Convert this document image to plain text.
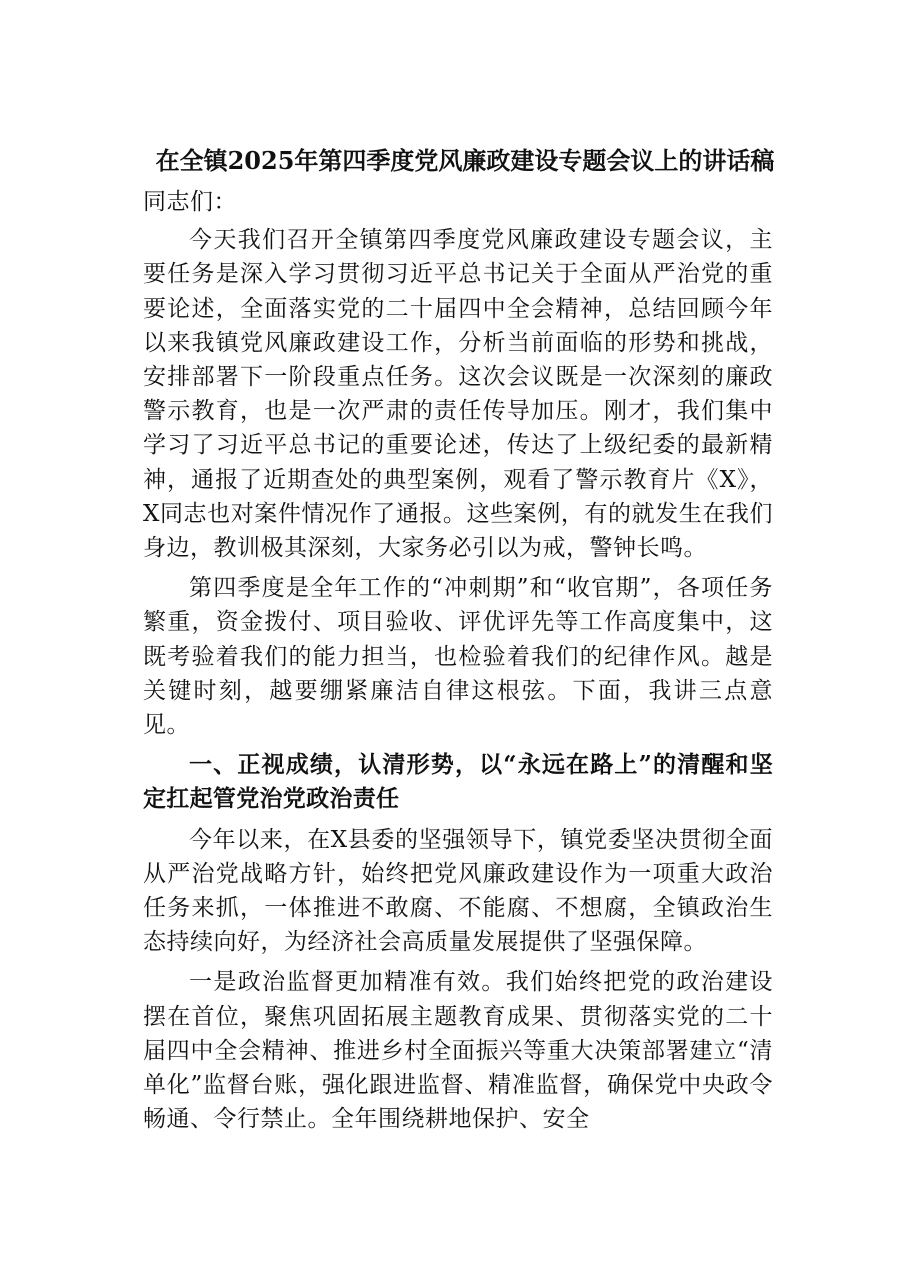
在全镇2025年第四季度党风廉政建设专题会议上的讲话稿

同志们：

今天我们召开全镇第四季度党风廉政建设专题会议，主要任务是深入学习贯彻习近平总书记关于全面从严治党的重要论述，全面落实党的二十届四中全会精神，总结回顾今年以来我镇党风廉政建设工作，分析当前面临的形势和挑战，安排部署下一阶段重点任务。这次会议既是一次深刻的廉政警示教育，也是一次严肃的责任传导加压。刚才，我们集中学习了习近平总书记的重要论述，传达了上级纪委的最新精神，通报了近期查处的典型案例，观看了警示教育片《X》，X同志也对案件情况作了通报。这些案例，有的就发生在我们身边，教训极其深刻，大家务必引以为戒，警钟长鸣。

第四季度是全年工作的“冲刺期”和“收官期”，各项任务繁重，资金拨付、项目验收、评优评先等工作高度集中，这既考验着我们的能力担当，也检验着我们的纪律作风。越是关键时刻，越要绷紧廉洁自律这根弦。下面，我讲三点意见。

一、正视成绩，认清形势，以“永远在路上”的清醒和坚定扛起管党治党政治责任

今年以来，在X县委的坚强领导下，镇党委坚决贯彻全面从严治党战略方针，始终把党风廉政建设作为一项重大政治任务来抓，一体推进不敢腐、不能腐、不想腐，全镇政治生态持续向好，为经济社会高质量发展提供了坚强保障。

一是政治监督更加精准有效。我们始终把党的政治建设摆在首位，聚焦巩固拓展主题教育成果、贯彻落实党的二十届四中全会精神、推进乡村全面振兴等重大决策部署建立“清单化”监督台账，强化跟进监督、精准监督，确保党中央政令畅通、令行禁止。全年围绕耕地保护、安全
